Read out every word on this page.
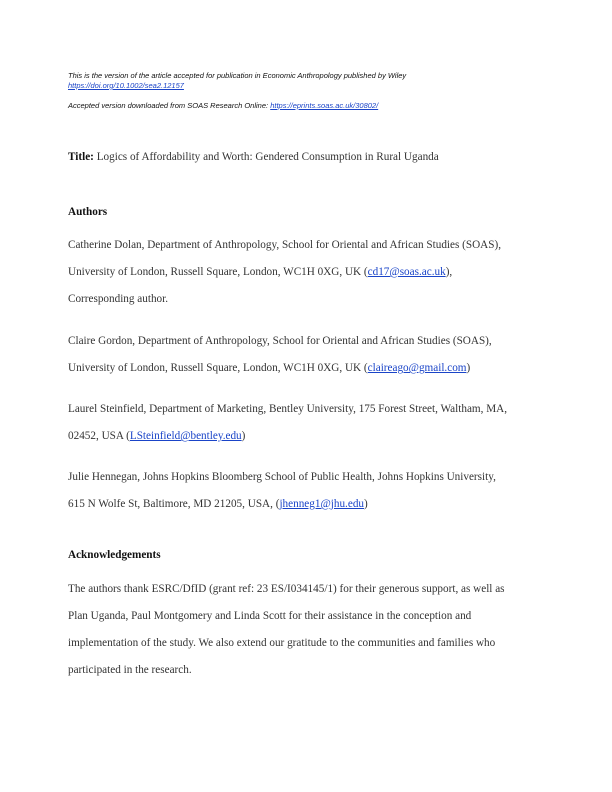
This is the version of the article accepted for publication in Economic Anthropology published by Wiley
https://doi.org/10.1002/sea2.12157
Accepted version downloaded from SOAS Research Online: https://eprints.soas.ac.uk/30802/
Title: Logics of Affordability and Worth: Gendered Consumption in Rural Uganda
Authors
Catherine Dolan, Department of Anthropology, School for Oriental and African Studies (SOAS),
University of London, Russell Square, London, WC1H 0XG, UK (cd17@soas.ac.uk),
Corresponding author.
Claire Gordon, Department of Anthropology, School for Oriental and African Studies (SOAS),
University of London, Russell Square, London, WC1H 0XG, UK (claireago@gmail.com)
Laurel Steinfield, Department of Marketing, Bentley University, 175 Forest Street, Waltham, MA,
02452, USA (LSteinfield@bentley.edu)
Julie Hennegan, Johns Hopkins Bloomberg School of Public Health, Johns Hopkins University,
615 N Wolfe St, Baltimore, MD 21205, USA, (jhenneg1@jhu.edu)
Acknowledgements
The authors thank ESRC/DfID (grant ref: 23 ES/I034145/1) for their generous support, as well as
Plan Uganda, Paul Montgomery and Linda Scott for their assistance in the conception and
implementation of the study. We also extend our gratitude to the communities and families who
participated in the research.
